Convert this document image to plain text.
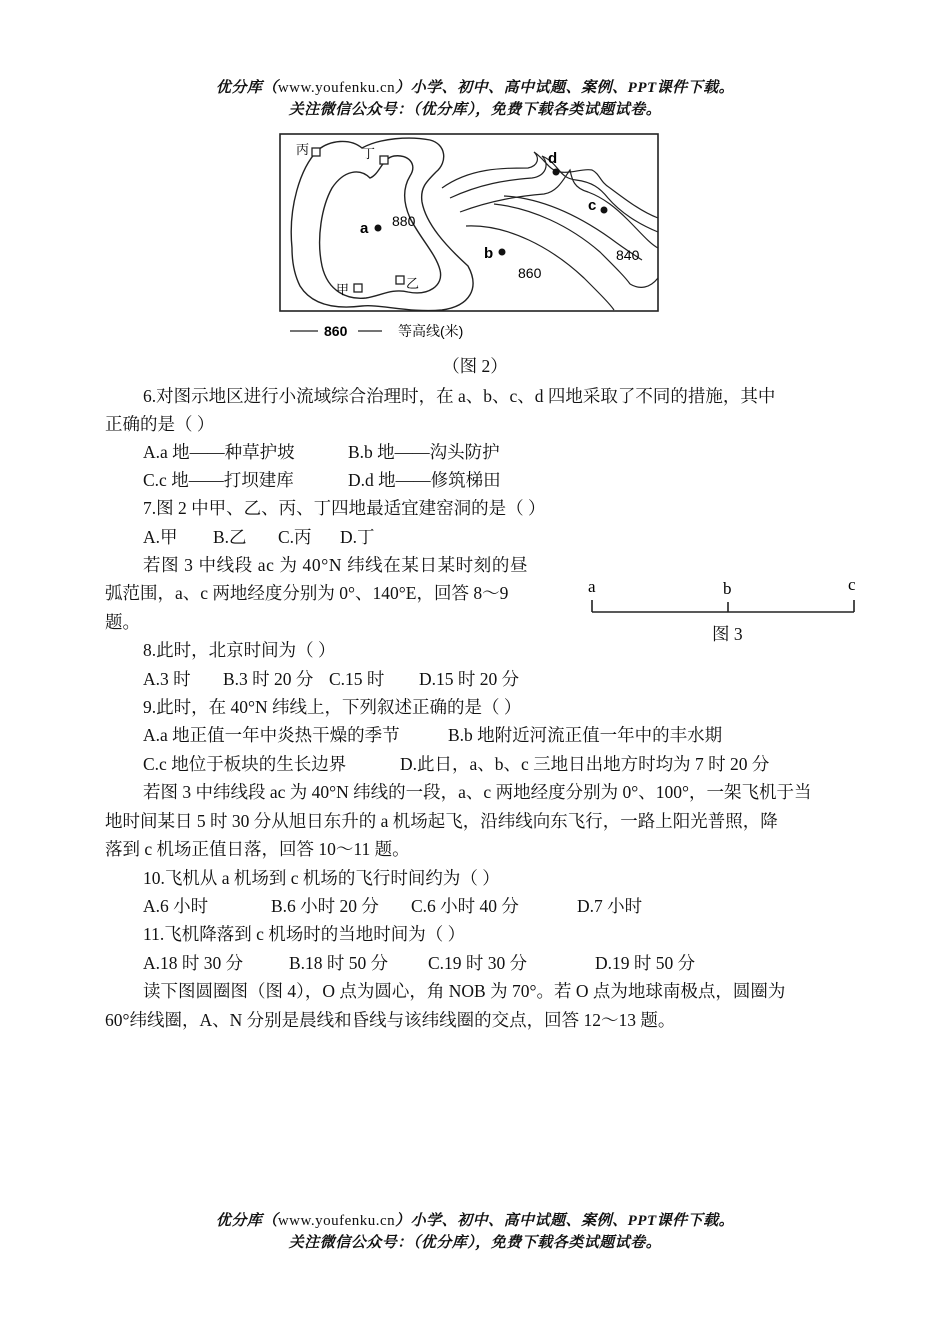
优分库（www.youfenku.cn）小学、初中、高中试题、案例、PPT课件下载。
关注微信公众号：（优分库），免费下载各类试题试卷。
丙	丁
甲	乙
a
b
c
d
880
860
840
860	等高线(米)
（图 2）
6.对图示地区进行小流域综合治理时，在 a、b、c、d 四地采取了不同的措施，其中
正确的是（ ）
A.a 地——种草护坡	B.b 地——沟头防护
C.c 地——打坝建库	D.d 地——修筑梯田
7.图 2 中甲、乙、丙、丁四地最适宜建窑洞的是（ ）
A.甲 B.乙 C.丙 D.丁
若图 3 中线段 ac 为 40°N 纬线在某日某时刻的昼
弧范围，a、c 两地经度分别为 0°、140°E，回答 8～9
题。
a	b	c
图 3
8.此时，北京时间为（ ）
A.3 时 B.3 时 20 分 C.15 时 D.15 时 20 分
9.此时，在 40°N 纬线上，下列叙述正确的是（ ）
A.a 地正值一年中炎热干燥的季节	B.b 地附近河流正值一年中的丰水期
C.c 地位于板块的生长边界	D.此日，a、b、c 三地日出地方时均为 7 时 20 分
若图 3 中纬线段 ac 为 40°N 纬线的一段，a、c 两地经度分别为 0°、100°，一架飞机于当
地时间某日 5 时 30 分从旭日东升的 a 机场起飞，沿纬线向东飞行，一路上阳光普照，降
落到 c 机场正值日落，回答 10～11 题。
10.飞机从 a 机场到 c 机场的飞行时间约为（ ）
A.6 小时	B.6 小时 20 分 C.6 小时 40 分	D.7 小时
11.飞机降落到 c 机场时的当地时间为（ ）
A.18 时 30 分	B.18 时 50 分 C.19 时 30 分	D.19 时 50 分
读下图圆圈图（图 4），O 点为圆心，角 NOB 为 70°。若 O 点为地球南极点，圆圈为
60°纬线圈，A、N 分别是晨线和昏线与该纬线圈的交点，回答 12～13 题。
优分库（www.youfenku.cn）小学、初中、高中试题、案例、PPT课件下载。
关注微信公众号：（优分库），免费下载各类试题试卷。
